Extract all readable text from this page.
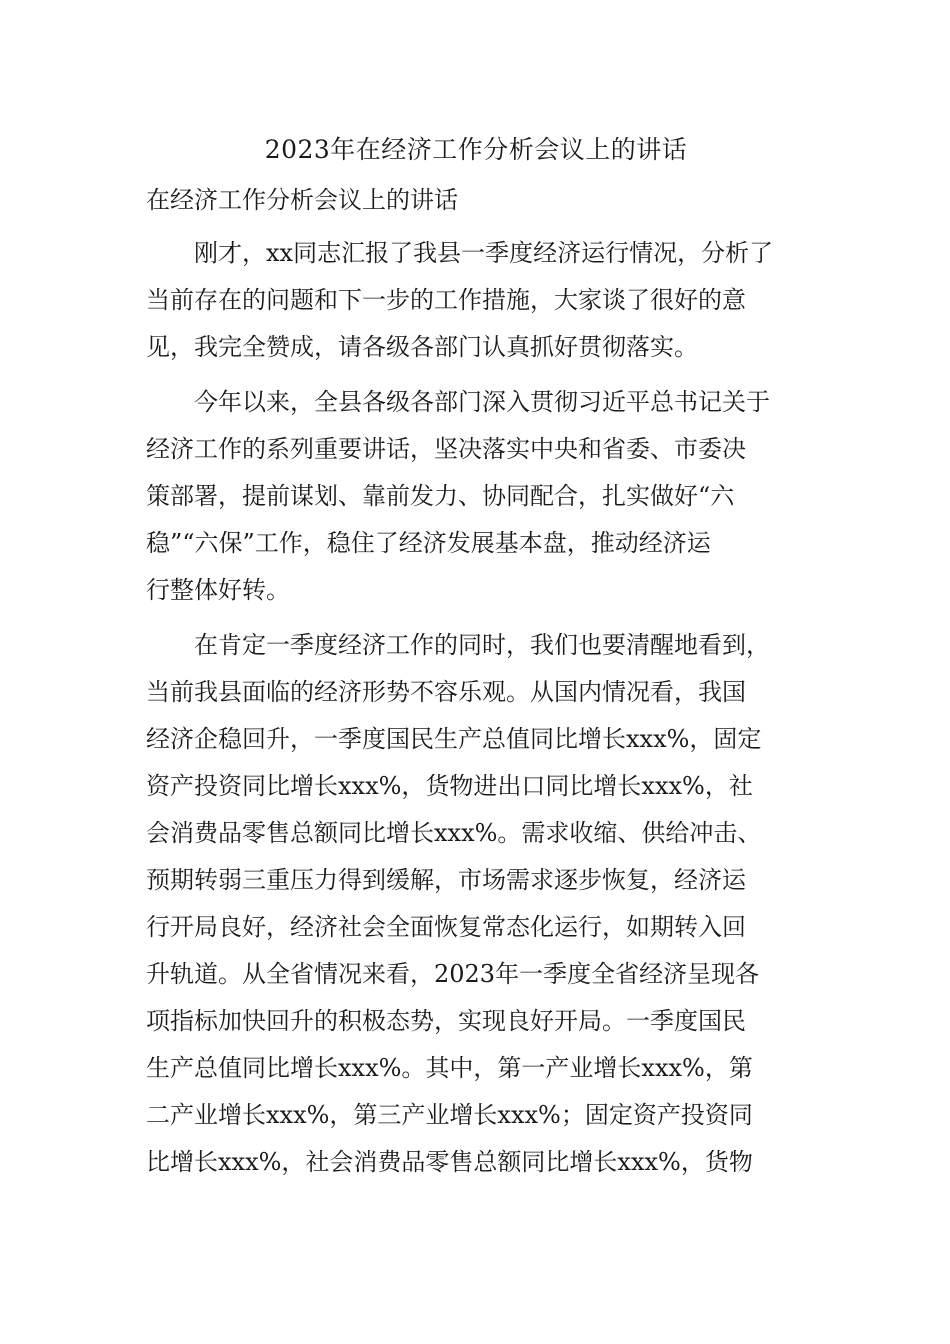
2023年在经济工作分析会议上的讲话
在经济工作分析会议上的讲话

刚才，xx同志汇报了我县一季度经济运行情况，分析了
当前存在的问题和下一步的工作措施，大家谈了很好的意
见，我完全赞成，请各级各部门认真抓好贯彻落实。

今年以来，全县各级各部门深入贯彻习近平总书记关于
经济工作的系列重要讲话，坚决落实中央和省委、市委决
策部署，提前谋划、靠前发力、协同配合，扎实做好“六
稳”“六保”工作，稳住了经济发展基本盘，推动经济运
行整体好转。

在肯定一季度经济工作的同时，我们也要清醒地看到，
当前我县面临的经济形势不容乐观。从国内情况看，我国
经济企稳回升，一季度国民生产总值同比增长xxx%，固定
资产投资同比增长xxx%，货物进出口同比增长xxx%，社
会消费品零售总额同比增长xxx%。需求收缩、供给冲击、
预期转弱三重压力得到缓解，市场需求逐步恢复，经济运
行开局良好，经济社会全面恢复常态化运行，如期转入回
升轨道。从全省情况来看，2023年一季度全省经济呈现各
项指标加快回升的积极态势，实现良好开局。一季度国民
生产总值同比增长xxx%。其中，第一产业增长xxx%，第
二产业增长xxx%，第三产业增长xxx%；固定资产投资同
比增长xxx%，社会消费品零售总额同比增长xxx%，货物
